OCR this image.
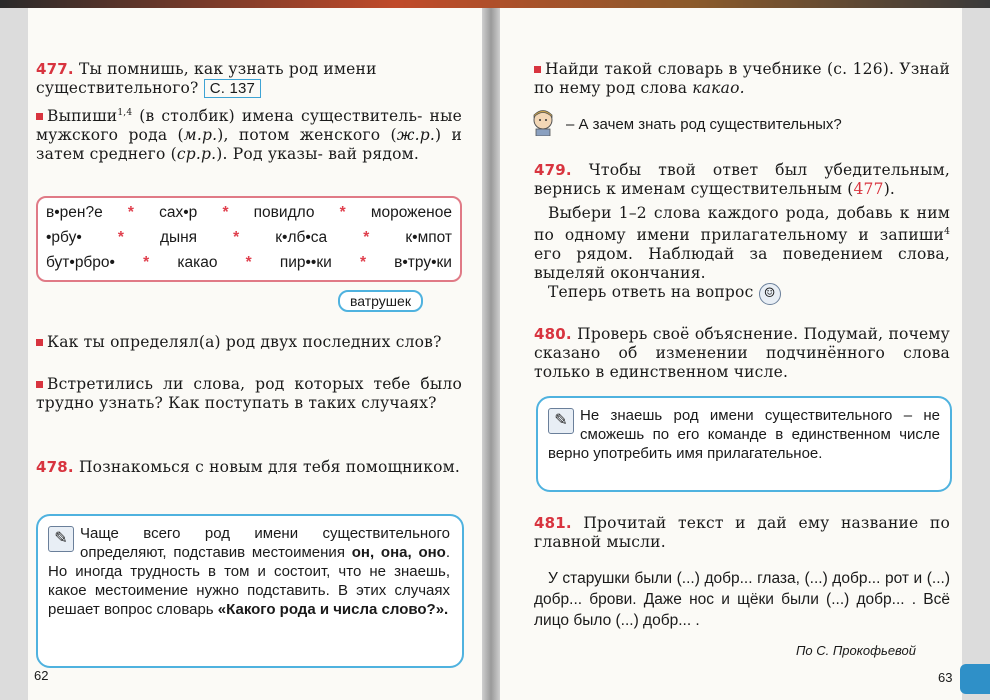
477. Ты помнишь, как узнать род имени
существительного? С. 137
Выпиши$^{1,4}$ (в столбик) имена существитель- ные мужского рода (м.р.), потом женского (ж.р.) и затем среднего (ср.р.). Род указы- вай рядом.
в•рен?е * сах•р * повидло * мороженое
•рбу• * дыня * к•лб•са * к•мпот
бут•рбро• * какао * пир••ки * в•тру•ки
ватрушек
Как ты определял(а) род двух последних слов?
Встретились ли слова, род которых тебе было трудно узнать? Как поступать в таких случаях?
478. Познакомься с новым для тебя помощником.
✎ Чаще всего род имени существительного определяют, подставив местоимения он, она, оно. Но иногда трудность в том и состоит, что не знаешь, какое местоимение нужно подставить. В этих случаях решает вопрос словарь «Какого рода и числа слово?».
62
Найди такой словарь в учебнике (с. 126). Узнай по нему род слова какао.
– А зачем знать род существительных?
479. Чтобы твой ответ был убедительным, вернись к именам существительным (477).
Выбери 1–2 слова каждого рода, добавь к ним по одному имени прилагательному и запиши$^4$ его рядом. Наблюдай за поведением слова, выделяй окончания.
Теперь ответь на вопрос ☺
480. Проверь своё объяснение. Подумай, почему сказано об изменении подчинённого слова только в единственном числе.
✎ Не знаешь род имени существительного – не сможешь по его команде в единственном числе верно употребить имя прилагательное.
481. Прочитай текст и дай ему название по главной мысли.
У старушки были (...) добр... глаза, (...) добр... рот и (...) добр... брови. Даже нос и щёки были (...) добр... . Всё лицо было (...) добр... .
По С. Прокофьевой
63
